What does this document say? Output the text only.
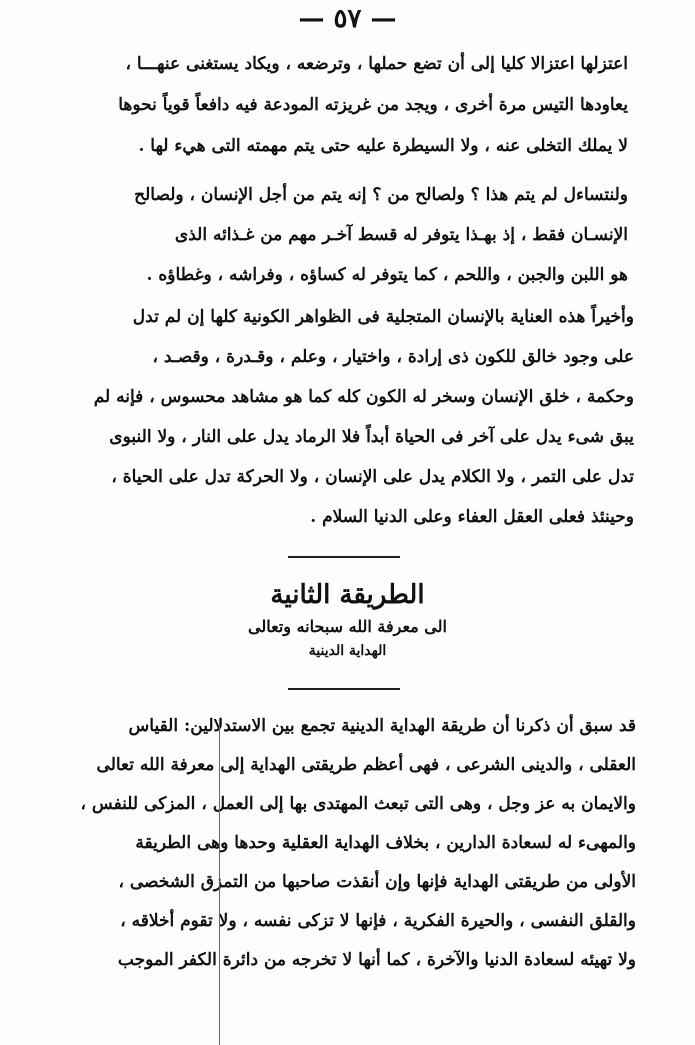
— ٥٧ —
اعتزلها اعتزالا كليا إلى أن تضع حملها ، وترضعه ، ويكاد يستغنى عنهـــا ،
يعاودها التيس مرة أخرى ، ويجد من غريزته المودعة فيه دافعاً قوياً نحوها
لا يملك التخلى عنه ، ولا السيطرة عليه حتى يتم مهمته التى هيء لها .
ولنتساءل لم يتم هذا ؟ ولصالح من ؟ إنه يتم من أجل الإنسان ، ولصالح
الإنسـان فقط ، إذ بهـذا يتوفر له قسط آخـر مهم من غـذائه الذى
هو اللبن والجبن ، واللحم ، كما يتوفر له كساؤه ، وفراشه ، وغطاؤه .
وأخيراً هذه العناية بالإنسان المتجلية فى الظواهر الكونية كلها إن لم تدل
على وجود خالق للكون ذى إرادة ، واختيار ، وعلم ، وقـدرة ، وقصـد ،
وحكمة ، خلق الإنسان وسخر له الكون كله كما هو مشاهد محسوس ، فإنه لم
يبق شىء يدل على آخر فى الحياة أبداً فلا الرماد يدل على النار ، ولا النبوى
تدل على التمر ، ولا الكلام يدل على الإنسان ، ولا الحركة تدل على الحياة ،
وحينئذ فعلى العقل العفاء وعلى الدنيا السلام .
الطريقة الثانية
الى معرفة الله سبحانه وتعالى
الهداية الدينية
قد سبق أن ذكرنا أن طريقة الهداية الدينية تجمع بين الاستدلالين: القياس
العقلى ، والدينى الشرعى ، فهى أعظم طريقتى الهداية إلى معرفة الله تعالى
والايمان به عز وجل ، وهى التى تبعث المهتدى بها إلى العمل ، المزكى للنفس ،
والمهىء له لسعادة الدارين ، بخلاف الهداية العقلية وحدها وهى الطريقة
الأولى من طريقتى الهداية فإنها وإن أنقذت صاحبها من التمزق الشخصى ،
والقلق النفسى ، والحيرة الفكرية ، فإنها لا تزكى نفسه ، ولا تقوم أخلاقه ،
ولا تهيئه لسعادة الدنيا والآخرة ، كما أنها لا تخرجه من دائرة الكفر الموجب
